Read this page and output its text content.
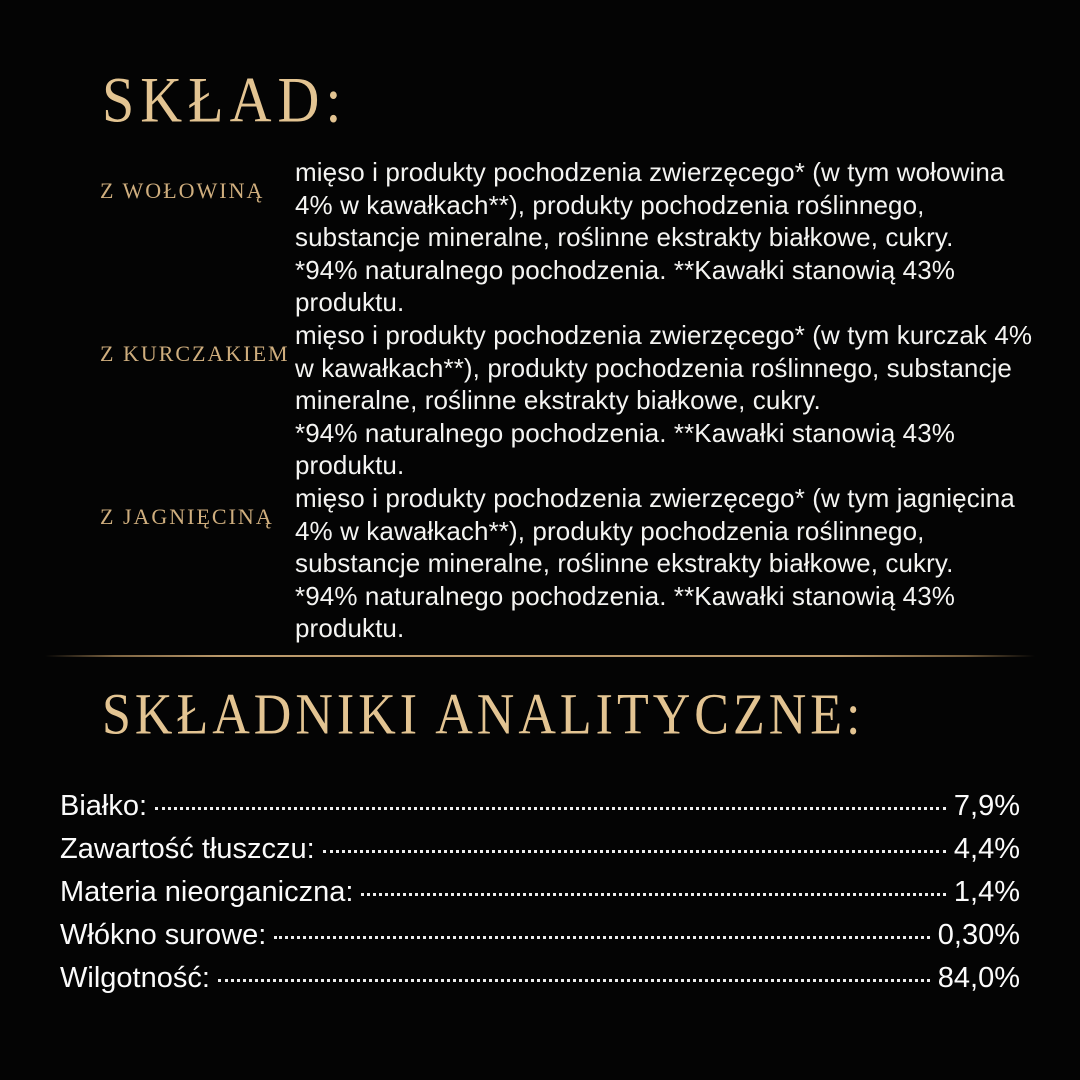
SKŁAD:
Z WOŁOWINĄ
mięso i produkty pochodzenia zwierzęcego* (w tym wołowina 4% w kawałkach**), produkty pochodzenia roślinnego, substancje mineralne, roślinne ekstrakty białkowe, cukry.
*94% naturalnego pochodzenia. **Kawałki stanowią 43% produktu.
Z KURCZAKIEM
mięso i produkty pochodzenia zwierzęcego* (w tym kurczak 4% w kawałkach**), produkty pochodzenia roślinnego, substancje mineralne, roślinne ekstrakty białkowe, cukry.
*94% naturalnego pochodzenia. **Kawałki stanowią 43% produktu.
Z JAGNIĘCINĄ
mięso i produkty pochodzenia zwierzęcego* (w tym jagnięcina 4% w kawałkach**), produkty pochodzenia roślinnego, substancje mineralne, roślinne ekstrakty białkowe, cukry.
*94% naturalnego pochodzenia. **Kawałki stanowią 43% produktu.
SKŁADNIKI ANALITYCZNE:
Białko:	7,9%
Zawartość tłuszczu:	4,4%
Materia nieorganiczna:	1,4%
Włókno surowe:	0,30%
Wilgotność:	84,0%
